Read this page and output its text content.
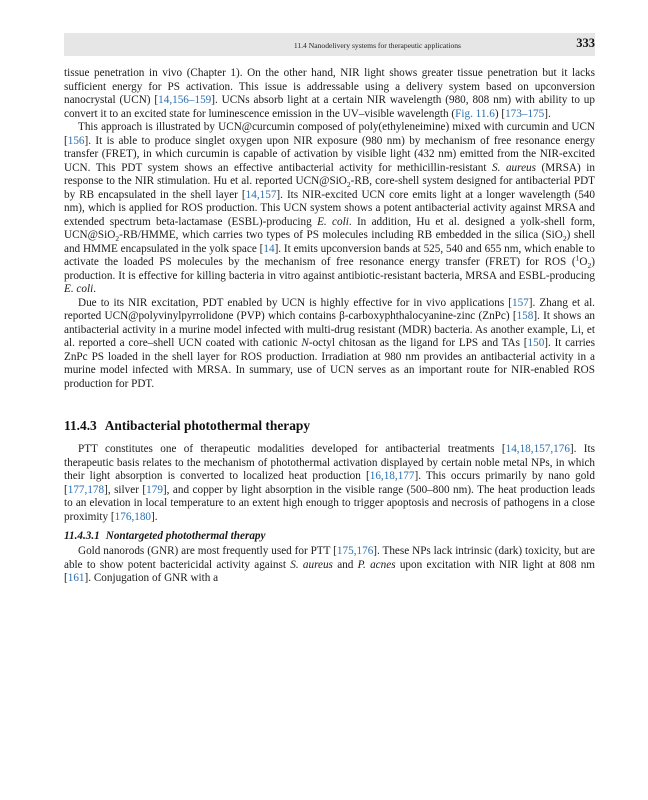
11.4 Nanodelivery systems for therapeutic applications	333

tissue penetration in vivo (Chapter 1). On the other hand, NIR light shows greater tissue penetration but it lacks sufficient energy for PS activation. This issue is addressable using a delivery system based on upconversion nanocrystal (UCN) [14,156–159]. UCNs absorb light at a certain NIR wavelength (980, 808 nm) with ability to up convert it to an excited state for luminescence emission in the UV–visible wavelength (Fig. 11.6) [173–175].

This approach is illustrated by UCN@curcumin composed of poly(ethyleneimine) mixed with curcumin and UCN [156]. It is able to produce singlet oxygen upon NIR exposure (980 nm) by mechanism of free resonance energy transfer (FRET), in which curcumin is capable of activation by visible light (432 nm) emitted from the NIR-excited UCN. This PDT system shows an effective antibacterial activity for methicillin-resistant S. aureus (MRSA) in response to the NIR stimulation. Hu et al. reported UCN@SiO$_2$-RB, core-shell system designed for antibacterial PDT by RB encapsulated in the shell layer [14,157]. Its NIR-excited UCN core emits light at a longer wavelength (540 nm), which is applied for ROS production. This UCN system shows a potent antibacterial activity against MRSA and extended spectrum beta-lactamase (ESBL)-producing E. coli. In addition, Hu et al. designed a yolk-shell form, UCN@SiO$_2$-RB/HMME, which carries two types of PS molecules including RB embedded in the silica (SiO$_2$) shell and HMME encapsulated in the yolk space [14]. It emits upconversion bands at 525, 540 and 655 nm, which enable to activate the loaded PS molecules by the mechanism of free resonance energy transfer (FRET) for ROS $(^1O_2)$ production. It is effective for killing bacteria in vitro against antibiotic-resistant bacteria, MRSA and ESBL-producing E. coli.

Due to its NIR excitation, PDT enabled by UCN is highly effective for in vivo applications [157]. Zhang et al. reported UCN@polyvinylpyrrolidone (PVP) which contains β-carboxyphthalocyanine-zinc (ZnPc) [158]. It shows an antibacterial activity in a murine model infected with multi-drug resistant (MDR) bacteria. As another example, Li, et al. reported a core–shell UCN coated with cationic N-octyl chitosan as the ligand for LPS and TAs [150]. It carries ZnPc PS loaded in the shell layer for ROS production. Irradiation at 980 nm provides an antibacterial activity in a murine model infected with MRSA. In summary, use of UCN serves as an important route for NIR-enabled ROS production for PDT.

11.4.3 Antibacterial photothermal therapy

PTT constitutes one of therapeutic modalities developed for antibacterial treatments [14,18,157,176]. Its therapeutic basis relates to the mechanism of photothermal activation displayed by certain noble metal NPs, in which their light absorption is converted to localized heat production [16,18,177]. This occurs primarily by nano gold [177,178], silver [179], and copper by light absorption in the visible range (500–800 nm). The heat production leads to an elevation in local temperature to an extent high enough to trigger apoptosis and necrosis of pathogens in a close proximity [176,180].

11.4.3.1 Nontargeted photothermal therapy

Gold nanorods (GNR) are most frequently used for PTT [175,176]. These NPs lack intrinsic (dark) toxicity, but are able to show potent bactericidal activity against S. aureus and P. acnes upon excitation with NIR light at 808 nm [161]. Conjugation of GNR with a
